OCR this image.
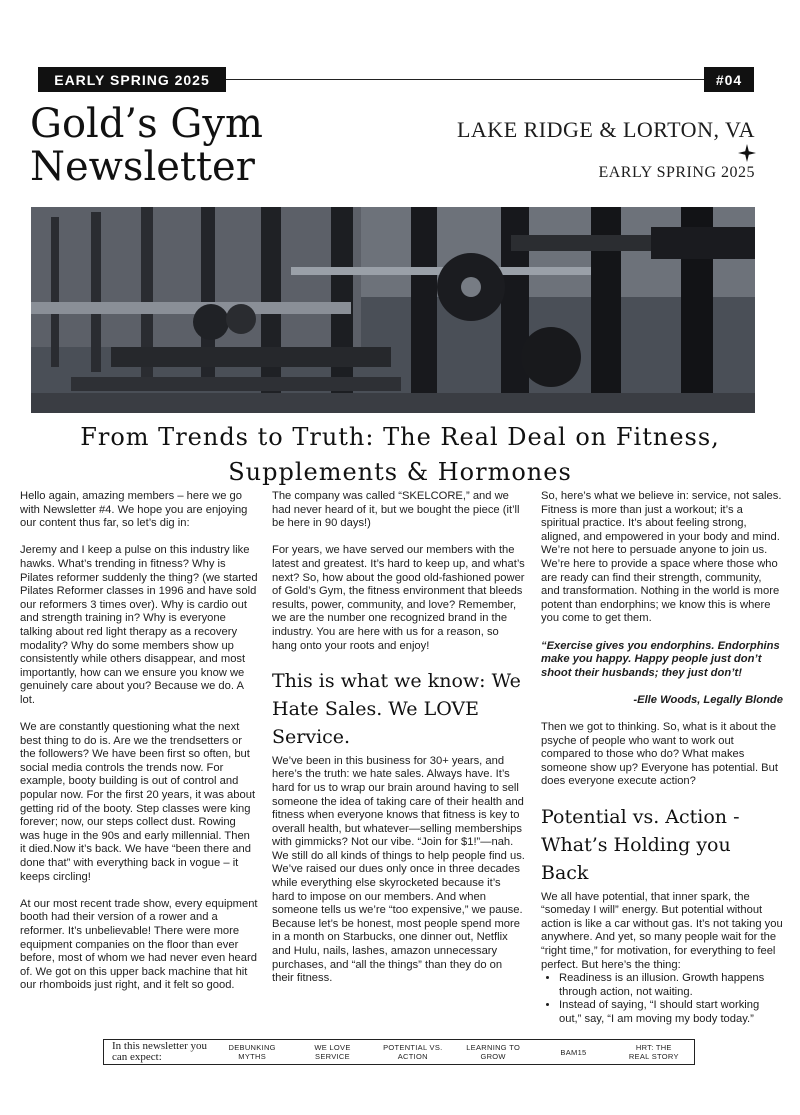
EARLY SPRING 2025	#04
Gold’s Gym
Newsletter
LAKE RIDGE & LORTON, VA
EARLY SPRING 2025
From Trends to Truth: The Real Deal on Fitness,
Supplements & Hormones

Hello again, amazing members – here we go with Newsletter #4. We hope you are enjoying our content thus far, so let’s dig in:

Jeremy and I keep a pulse on this industry like hawks. What’s trending in fitness? Why is Pilates reformer suddenly the thing? (we started Pilates Reformer classes in 1996 and have sold our reformers 3 times over). Why is cardio out and strength training in? Why is everyone talking about red light therapy as a recovery modality? Why do some members show up consistently while others disappear, and most importantly, how can we ensure you know we genuinely care about you? Because we do. A lot.

We are constantly questioning what the next best thing to do is. Are we the trendsetters or the followers? We have been first so often, but social media controls the trends now. For example, booty building is out of control and popular now. For the first 20 years, it was about getting rid of the booty. Step classes were king forever; now, our steps collect dust. Rowing was huge in the 90s and early millennial. Then it died.Now it’s back. We have “been there and done that” with everything back in vogue – it keeps circling!

At our most recent trade show, every equipment booth had their version of a rower and a reformer. It’s unbelievable! There were more equipment companies on the floor than ever before, most of whom we had never even heard of. We got on this upper back machine that hit our rhomboids just right, and it felt so good.

The company was called “SKELCORE,” and we had never heard of it, but we bought the piece (it’ll be here in 90 days!)

For years, we have served our members with the latest and greatest. It’s hard to keep up, and what’s next? So, how about the good old-fashioned power of Gold’s Gym, the fitness environment that bleeds results, power, community, and love? Remember, we are the number one recognized brand in the industry. You are here with us for a reason, so hang onto your roots and enjoy!

This is what we know: We Hate Sales. We LOVE Service.

We’ve been in this business for 30+ years, and here’s the truth: we hate sales. Always have. It’s hard for us to wrap our brain around having to sell someone the idea of taking care of their health and fitness when everyone knows that fitness is key to overall health, but whatever—selling memberships with gimmicks? Not our vibe. “Join for $1!”—nah. We still do all kinds of things to help people find us. We’ve raised our dues only once in three decades while everything else skyrocketed because it’s hard to impose on our members. And when someone tells us we’re “too expensive,” we pause. Because let’s be honest, most people spend more in a month on Starbucks, one dinner out, Netflix and Hulu, nails, lashes, amazon unnecessary purchases, and “all the things” than they do on their fitness.

So, here’s what we believe in: service, not sales. Fitness is more than just a workout; it’s a spiritual practice. It’s about feeling strong, aligned, and empowered in your body and mind. We’re not here to persuade anyone to join us. We’re here to provide a space where those who are ready can find their strength, community, and transformation. Nothing in the world is more potent than endorphins; we know this is where you come to get them.

“Exercise gives you endorphins. Endorphins make you happy. Happy people just don’t shoot their husbands; they just don’t!

-Elle Woods, Legally Blonde

Then we got to thinking. So, what is it about the psyche of people who want to work out compared to those who do? What makes someone show up? Everyone has potential. But does everyone execute action?

Potential vs. Action - What’s Holding you Back

We all have potential, that inner spark, the “someday I will” energy. But potential without action is like a car without gas. It’s not taking you anywhere. And yet, so many people wait for the “right time,” for motivation, for everything to feel perfect. But here’s the thing:

• Readiness is an illusion. Growth happens through action, not waiting.
• Instead of saying, “I should start working out,” say, “I am moving my body today.”
In this newsletter you can expect:
DEBUNKING
MYTHS
WE LOVE
SERVICE
POTENTIAL VS.
ACTION
LEARNING TO
GROW	BAM15	HRT: THE
REAL STORY
